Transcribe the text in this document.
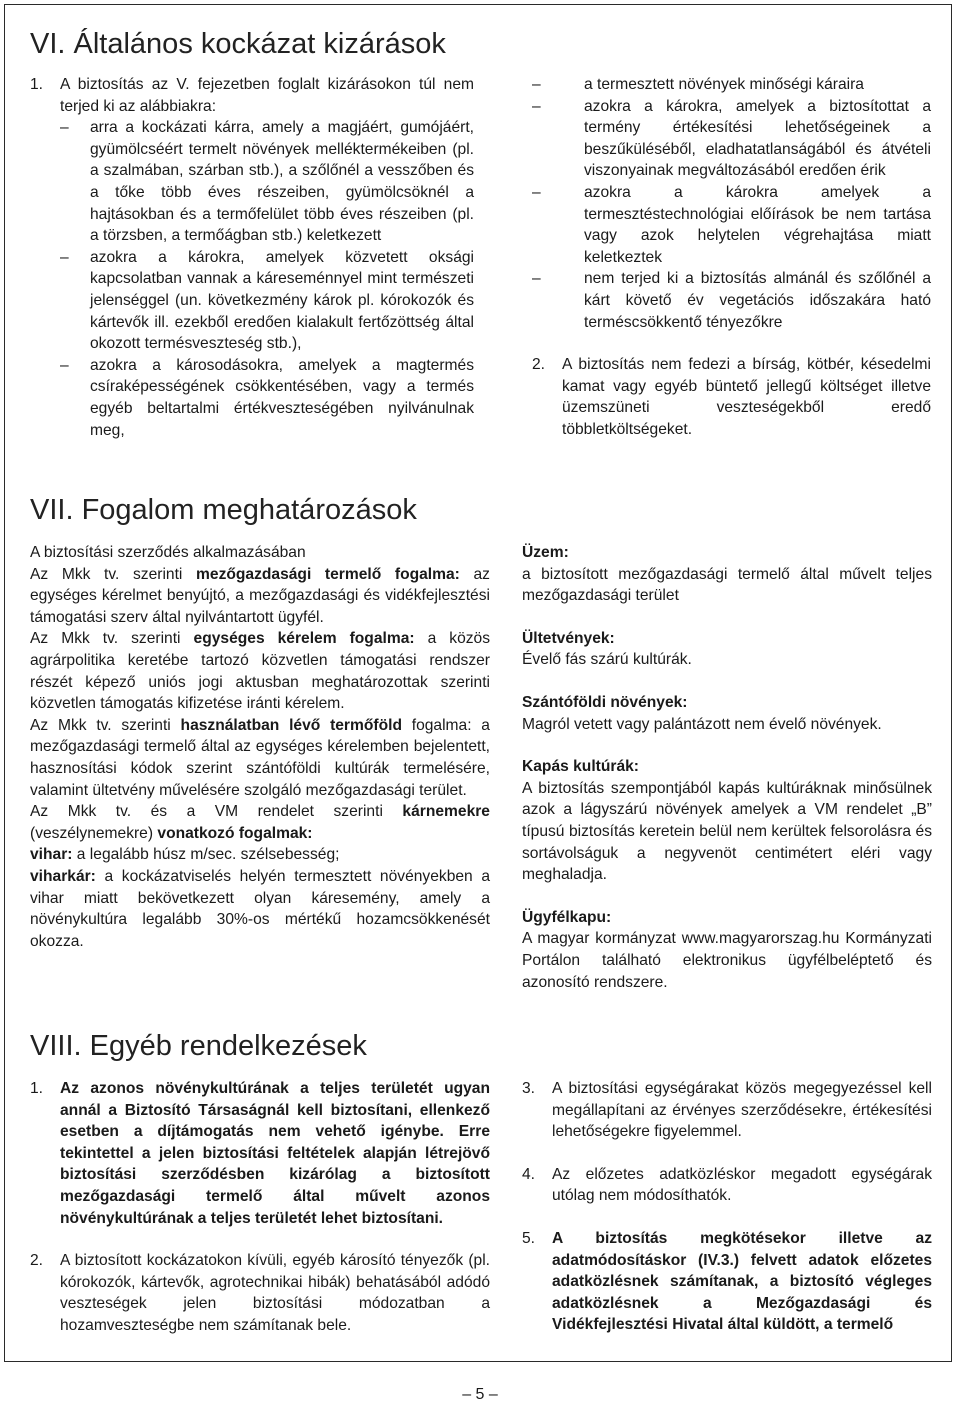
VI. Általános kockázat kizárások
1. A biztosítás az V. fejezetben foglalt kizárásokon túl nem terjed ki az alábbiakra:

– arra a kockázati kárra, amely a magjáért, gumójáért, gyümölcséért termelt növények melléktermékeiben (pl. a szalmában, szárban stb.), a szőlőnél a vesszőben és a tőke több éves részeiben, gyümölcsöknél a hajtásokban és a termőfelület több éves részeiben (pl. a törzsben, a termőágban stb.) keletkezett

– azokra a károkra, amelyek közvetett oksági kapcsolatban vannak a káreseménnyel mint természeti jelenséggel (un. következmény károk pl. kórokozók és kártevők ill. ezekből eredően kialakult fertőzöttség által okozott termésveszteség stb.),

– azokra a károsodásokra, amelyek a magtermés csíraképességének csökkentésében, vagy a termés egyéb beltartalmi értékveszteségében nyilvánulnak meg,

–	a termesztett növények minőségi káraira

–	azokra a károkra, amelyek a biztosítottat a termény értékesítési lehetőségeinek a beszűküléséből, eladhatatlanságából és átvételi viszonyainak megváltozásából eredően érik

–	azokra a károkra amelyek a termesztéstechnológiai előírások be nem tartása vagy azok helytelen végrehajtása miatt keletkeztek

–	nem terjed ki a biztosítás almánál és szőlőnél a kárt követő év vegetációs időszakára ható terméscsökkentő tényezőkre

2. A biztosítás nem fedezi a bírság, kötbér, késedelmi kamat vagy egyéb büntető jellegű költséget illetve üzemszüneti veszteségekből eredő többletköltségeket.

VII. Fogalom meghatározások

A biztosítási szerződés alkalmazásában

Az Mkk tv. szerinti mezőgazdasági termelő fogalma: az egységes kérelmet benyújtó, a mezőgazdasági és vidékfejlesztési támogatási szerv által nyilvántartott ügyfél.

Az Mkk tv. szerinti egységes kérelem fogalma: a közös agrárpolitika keretébe tartozó közvetlen támogatási rendszer részét képező uniós jogi aktusban meghatározottak szerinti közvetlen támogatás kifizetése iránti kérelem.

Az Mkk tv. szerinti használatban lévő termőföld fogalma: a mezőgazdasági termelő által az egységes kérelemben bejelentett, hasznosítási kódok szerint szántóföldi kultúrák termelésére, valamint ültetvény művelésére szolgáló mezőgazdasági terület.

Az Mkk tv. és a VM rendelet szerinti kárnemekre (veszélynemekre) vonatkozó fogalmak:

vihar: a legalább húsz m/sec. szélsebesség;

viharkár: a kockázatviselés helyén termesztett növényekben a vihar miatt bekövetkezett olyan káresemény, amely a növénykultúra legalább 30%-os mértékű hozamcsökkenését okozza.

Üzem:

a biztosított mezőgazdasági termelő által művelt teljes mezőgazdasági terület

Ültetvények:

Évelő fás szárú kultúrák.

Szántóföldi növények:

Magról vetett vagy palántázott nem évelő növények.

Kapás kultúrák:

A biztosítás szempontjából kapás kultúráknak minősülnek azok a lágyszárú növények amelyek a VM rendelet „B” típusú biztosítás keretein belül nem kerültek felsorolásra és sortávolságuk a negyvenöt centimétert eléri vagy meghaladja.

Ügyfélkapu:

A magyar kormányzat www.magyarorszag.hu Kormányzati Portálon található elektronikus ügyfélbeléptető és azonosító rendszere.

VIII. Egyéb rendelkezések
1. Az azonos növénykultúrának a teljes területét ugyan annál a Biztosító Társaságnál kell biztosítani, ellenkező esetben a díjtámogatás nem vehető igénybe. Erre tekintettel a jelen biztosítási feltételek alapján létrejövő biztosítási szerződésben kizárólag a biztosított mezőgazdasági termelő által művelt azonos növénykultúrának a teljes területét lehet biztosítani.

2. A biztosított kockázatokon kívüli, egyéb károsító tényezők (pl. kórokozók, kártevők, agrotechnikai hibák) behatásából adódó veszteségek jelen biztosítási módozatban a hozamveszteségbe nem számítanak bele.

3. A biztosítási egységárakat közös megegyezéssel kell megállapítani az érvényes szerződésekre, értékesítési lehetőségekre figyelemmel.

4. Az előzetes adatközléskor megadott egységárak utólag nem módosíthatók.

5. A biztosítás megkötésekor illetve az adatmódosításkor (IV.3.) felvett adatok előzetes adatközlésnek számítanak, a biztosító végleges adatközlésnek a Mezőgazdasági és Vidékfejlesztési Hivatal által küldött, a termelő

– 5 –
